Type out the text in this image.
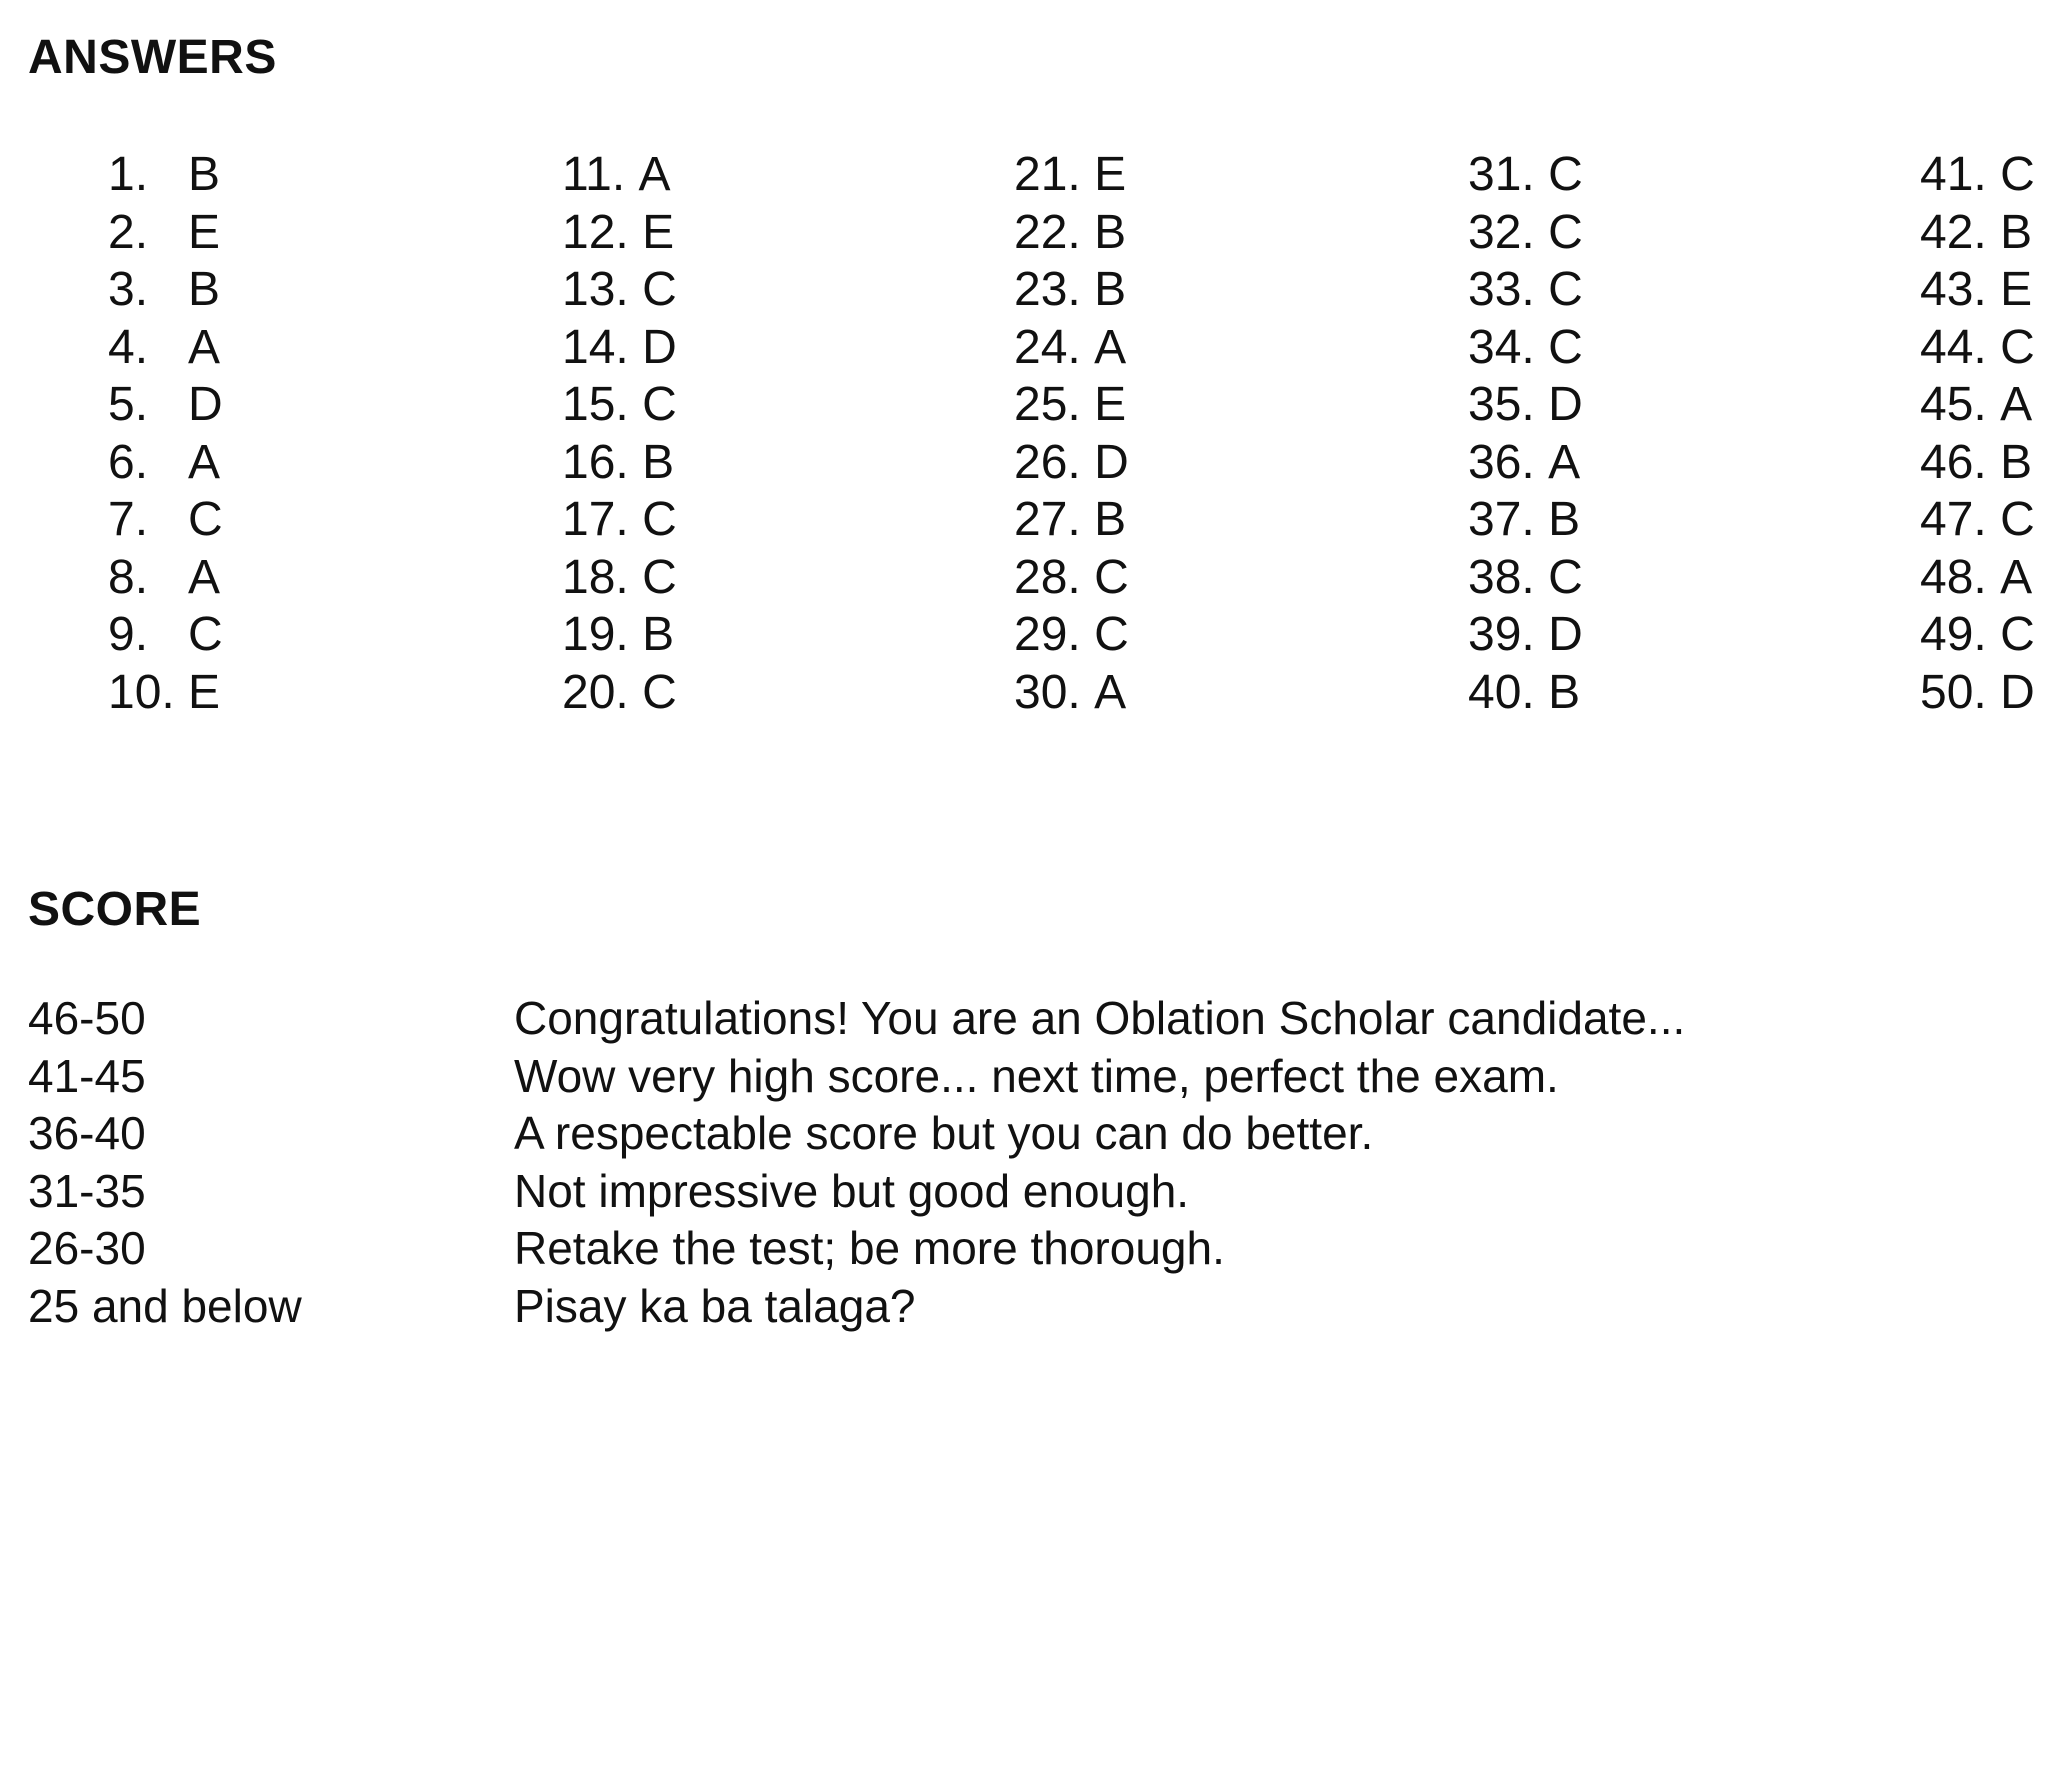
ANSWERS
1. B
2. E
3. B
4. A
5. D
6. A
7. C
8. A
9. C
10. E
11. A
12. E
13. C
14. D
15. C
16. B
17. C
18. C
19. B
20. C
21. E
22. B
23. B
24. A
25. E
26. D
27. B
28. C
29. C
30. A
31. C
32. C
33. C
34. C
35. D
36. A
37. B
38. C
39. D
40. B
41. C
42. B
43. E
44. C
45. A
46. B
47. C
48. A
49. C
50. D
SCORE
46-50	Congratulations! You are an Oblation Scholar candidate...
41-45	Wow very high score... next time, perfect the exam.
36-40	A respectable score but you can do better.
31-35	Not impressive but good enough.
26-30	Retake the test; be more thorough.
25 and below	Pisay ka ba talaga?
